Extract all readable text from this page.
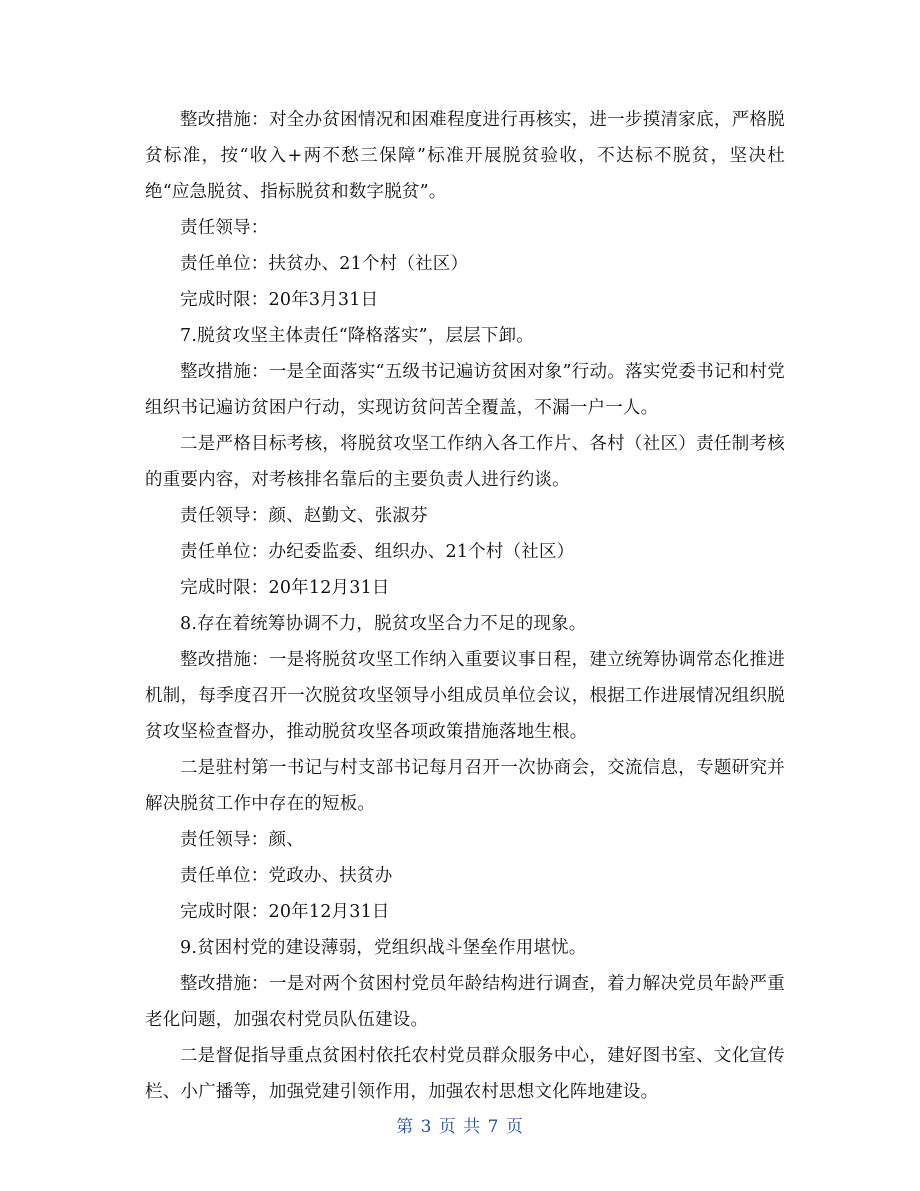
整改措施：对全办贫困情况和困难程度进行再核实，进一步摸清家底，严格脱贫标准，按“收入+两不愁三保障”标准开展脱贫验收，不达标不脱贫，坚决杜绝“应急脱贫、指标脱贫和数字脱贫”。

责任领导：

责任单位：扶贫办、21个村（社区）

完成时限：20年3月31日

7.脱贫攻坚主体责任“降格落实”，层层下卸。

整改措施：一是全面落实“五级书记遍访贫困对象”行动。落实党委书记和村党组织书记遍访贫困户行动，实现访贫问苦全覆盖，不漏一户一人。

二是严格目标考核，将脱贫攻坚工作纳入各工作片、各村（社区）责任制考核的重要内容，对考核排名靠后的主要负责人进行约谈。

责任领导：颜、赵勤文、张淑芬

责任单位：办纪委监委、组织办、21个村（社区）

完成时限：20年12月31日

8.存在着统筹协调不力，脱贫攻坚合力不足的现象。

整改措施：一是将脱贫攻坚工作纳入重要议事日程，建立统筹协调常态化推进机制，每季度召开一次脱贫攻坚领导小组成员单位会议，根据工作进展情况组织脱贫攻坚检查督办，推动脱贫攻坚各项政策措施落地生根。

二是驻村第一书记与村支部书记每月召开一次协商会，交流信息，专题研究并解决脱贫工作中存在的短板。

责任领导：颜、

责任单位：党政办、扶贫办

完成时限：20年12月31日

9.贫困村党的建设薄弱，党组织战斗堡垒作用堪忧。

整改措施：一是对两个贫困村党员年龄结构进行调查，着力解决党员年龄严重老化问题，加强农村党员队伍建设。

二是督促指导重点贫困村依托农村党员群众服务中心，建好图书室、文化宣传栏、小广播等，加强党建引领作用，加强农村思想文化阵地建设。

第 3 页 共 7 页
